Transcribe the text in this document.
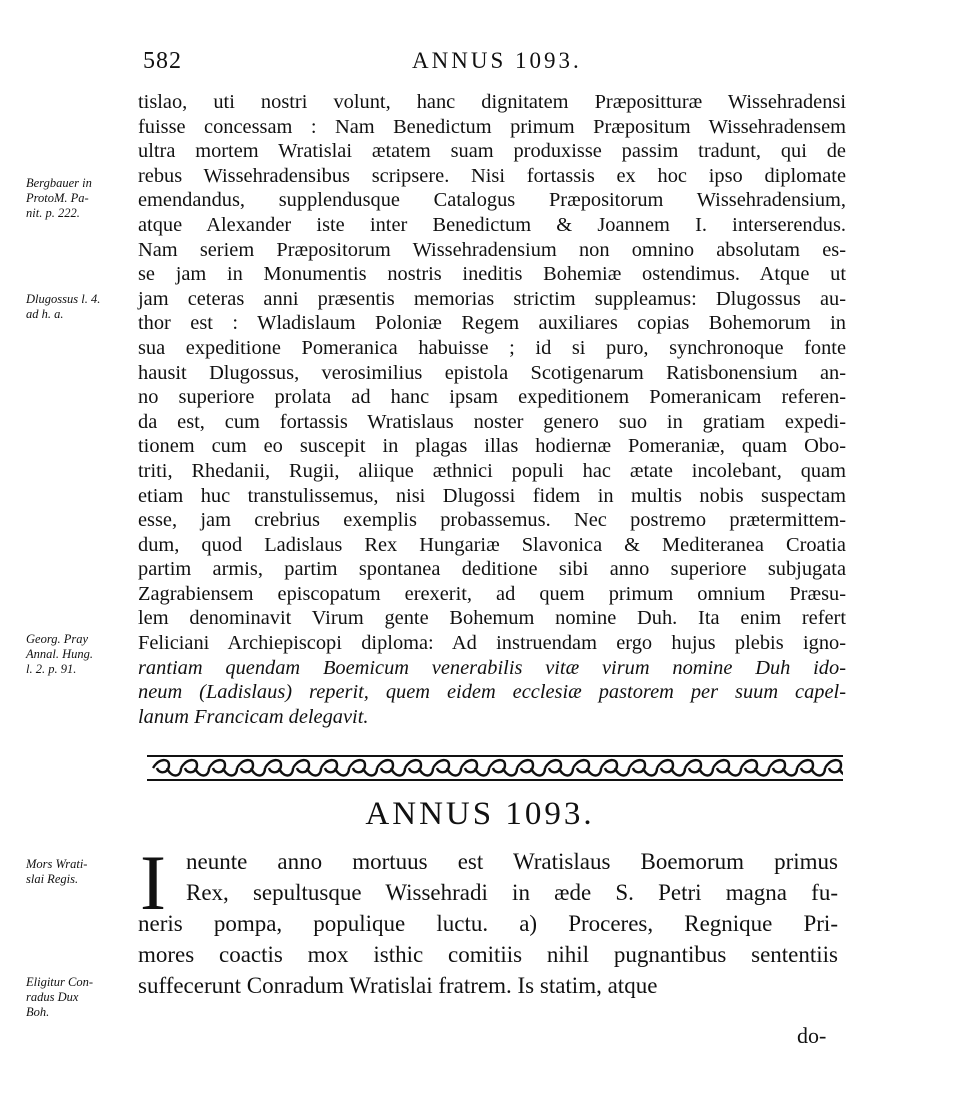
582	ANNUS 1093.
tislao, uti nostri volunt, hanc dignitatem Præpositturæ Wissehradensi
fuisse concessam : Nam Benedictum primum Præpositum Wissehradensem
ultra mortem Wratislai ætatem suam produxisse passim tradunt, qui de
rebus Wissehradensibus scripsere. Nisi fortassis ex hoc ipso diplomate
emendandus, supplendusque Catalogus Præpositorum Wissehradensium,
atque Alexander iste inter Benedictum & Joannem I. interserendus.
Nam seriem Præpositorum Wissehradensium non omnino absolutam es-
se jam in Monumentis nostris ineditis Bohemiæ ostendimus. Atque ut
jam ceteras anni præsentis memorias strictim suppleamus: Dlugossus au-
thor est : Wladislaum Poloniæ Regem auxiliares copias Bohemorum in
sua expeditione Pomeranica habuisse ; id si puro, synchronoque fonte
hausit Dlugossus, verosimilius epistola Scotigenarum Ratisbonensium an-
no superiore prolata ad hanc ipsam expeditionem Pomeranicam referen-
da est, cum fortassis Wratislaus noster genero suo in gratiam expedi-
tionem cum eo suscepit in plagas illas hodiernæ Pomeraniæ, quam Obo-
triti, Rhedanii, Rugii, aliique æthnici populi hac ætate incolebant, quam
etiam huc transtulissemus, nisi Dlugossi fidem in multis nobis suspectam
esse, jam crebrius exemplis probassemus. Nec postremo prætermittem-
dum, quod Ladislaus Rex Hungariæ Slavonica & Mediteranea Croatia
partim armis, partim spontanea deditione sibi anno superiore subjugata
Zagrabiensem episcopatum erexerit, ad quem primum omnium Præsu-
lem denominavit Virum gente Bohemum nomine Duh. Ita enim refert
Feliciani Archiepiscopi diploma: Ad instruendam ergo hujus plebis igno-
rantiam quendam Boemicum venerabilis vitæ virum nomine Duh ido-
neum (Ladislaus) reperit, quem eidem ecclesiæ pastorem per suum capel-
lanum Francicam delegavit.
Bergbauer in
ProtoM. Pa-
nit. p. 222.
Dlugossus l. 4.
ad h. a.
Georg. Pray
Annal. Hung.
l. 2. p. 91.
Mors Wrati-
slai Regis.
Eligitur Con-
radus Dux
Boh.
ANNUS 1093.
I neunte anno mortuus est Wratislaus Boemorum primus
Rex, sepultusque Wissehradi in æde S. Petri magna fu-
neris pompa, populique luctu. a) Proceres, Regnique Pri-
mores coactis mox isthic comitiis nihil pugnantibus sententiis
suffecerunt Conradum Wratislai fratrem. Is statim, atque
do-
